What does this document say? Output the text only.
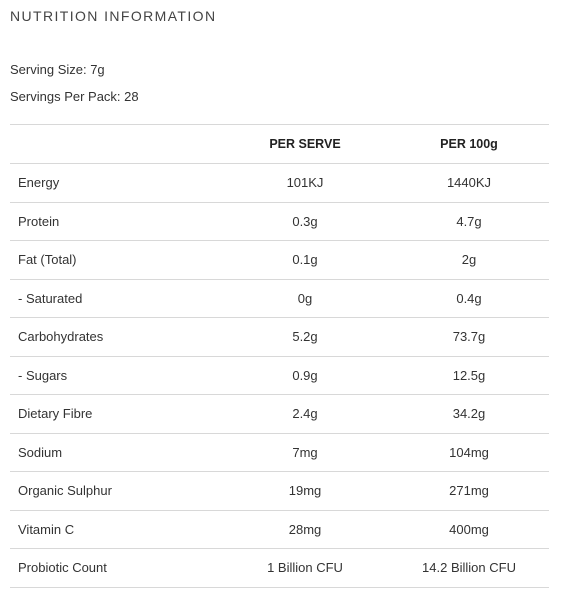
NUTRITION INFORMATION
Serving Size: 7g
Servings Per Pack: 28
	PER SERVE	PER 100g
Energy	101KJ	1440KJ
Protein	0.3g	4.7g
Fat (Total)	0.1g	2g
- Saturated	0g	0.4g
Carbohydrates	5.2g	73.7g
- Sugars	0.9g	12.5g
Dietary Fibre	2.4g	34.2g
Sodium	7mg	104mg
Organic Sulphur	19mg	271mg
Vitamin C	28mg	400mg
Probiotic Count	1 Billion CFU	14.2 Billion CFU
